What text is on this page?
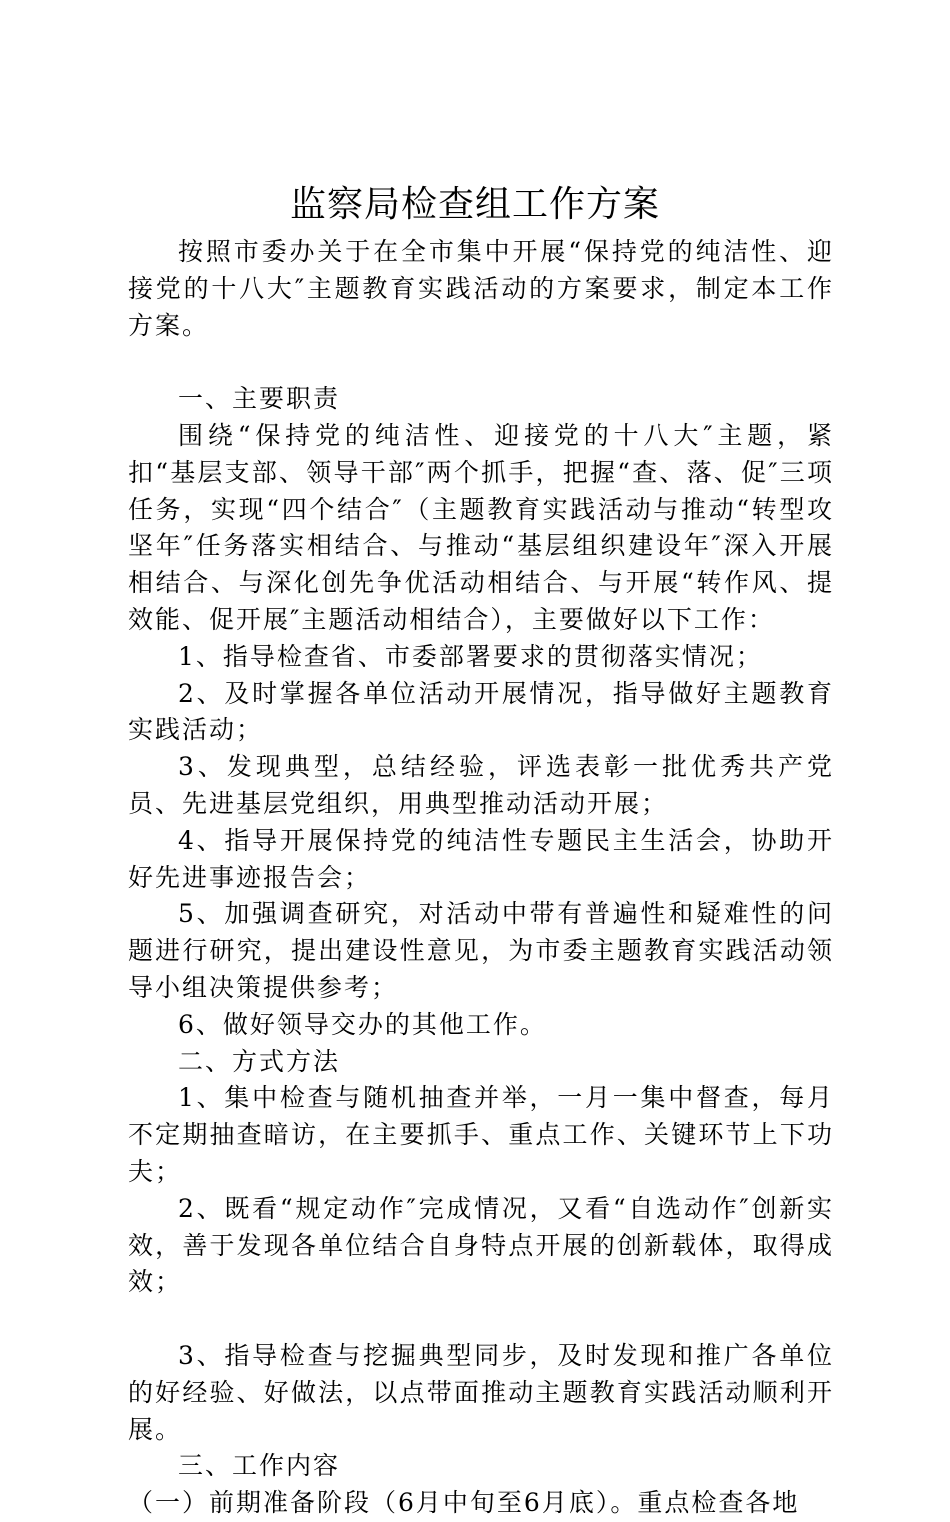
监察局检查组工作方案

按照市委办关于在全市集中开展“保持党的纯洁性、迎接党的十八大″主题教育实践活动的方案要求，制定本工作方案。

一、主要职责

围绕“保持党的纯洁性、迎接党的十八大″主题，紧扣“基层支部、领导干部″两个抓手，把握“查、落、促″三项任务，实现“四个结合″（主题教育实践活动与推动“转型攻坚年″任务落实相结合、与推动“基层组织建设年″深入开展相结合、与深化创先争优活动相结合、与开展“转作风、提效能、促开展″主题活动相结合），主要做好以下工作：

1、指导检查省、市委部署要求的贯彻落实情况；

2、及时掌握各单位活动开展情况，指导做好主题教育实践活动；

3、发现典型，总结经验，评选表彰一批优秀共产党员、先进基层党组织，用典型推动活动开展；

4、指导开展保持党的纯洁性专题民主生活会，协助开好先进事迹报告会；

5、加强调查研究，对活动中带有普遍性和疑难性的问题进行研究，提出建设性意见，为市委主题教育实践活动领导小组决策提供参考；

6、做好领导交办的其他工作。

二、方式方法

1、集中检查与随机抽查并举，一月一集中督查，每月不定期抽查暗访，在主要抓手、重点工作、关键环节上下功夫；

2、既看“规定动作″完成情况，又看“自选动作″创新实效，善于发现各单位结合自身特点开展的创新载体，取得成效；

3、指导检查与挖掘典型同步，及时发现和推广各单位的好经验、好做法，以点带面推动主题教育实践活动顺利开展。

三、工作内容

（一）前期准备阶段（6月中旬至6月底）。重点检查各地
